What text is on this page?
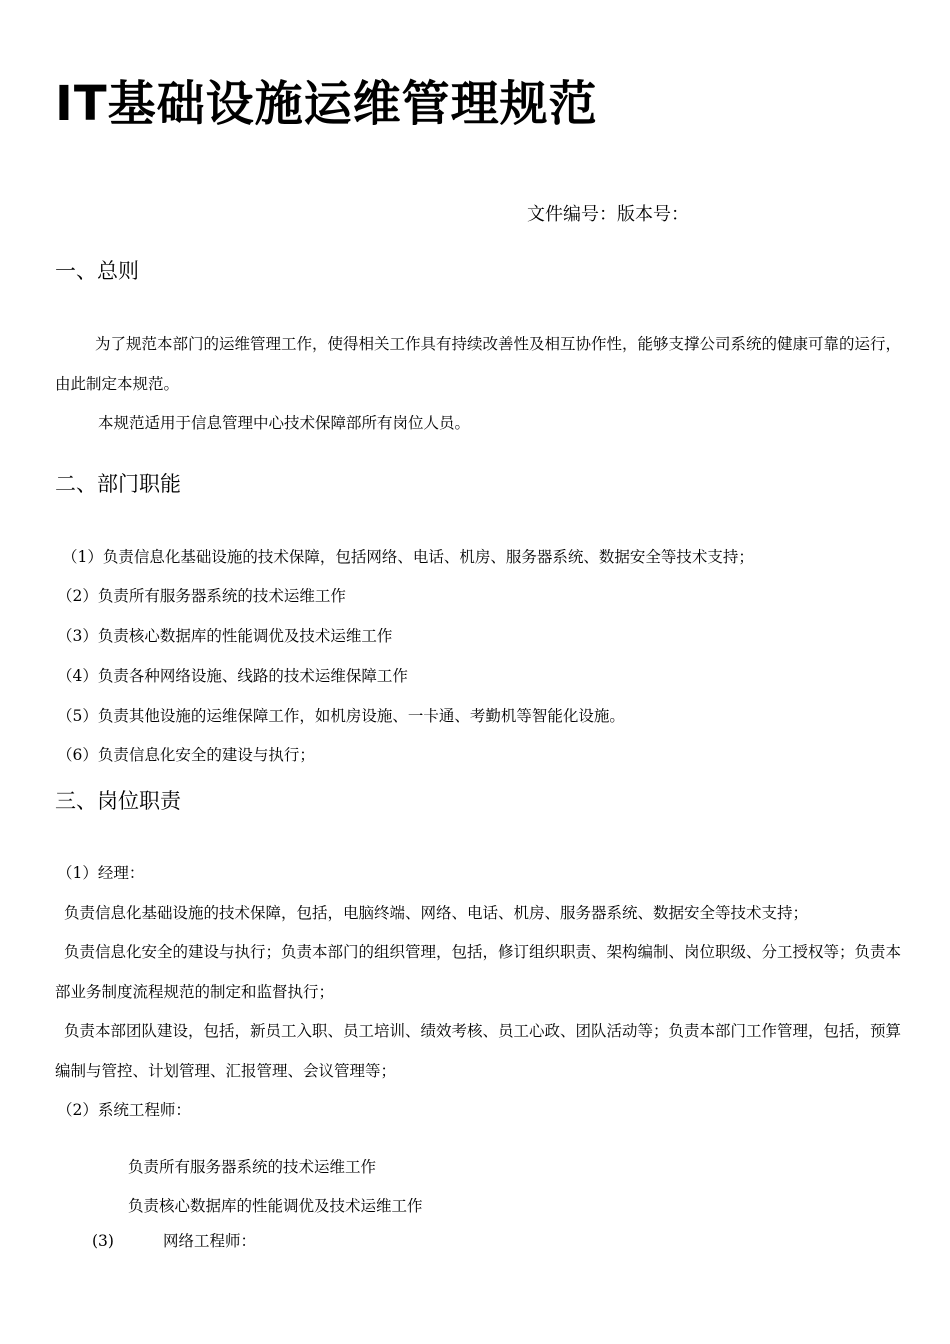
IT基础设施运维管理规范
文件编号：版本号：
一、总则

为了规范本部门的运维管理工作，使得相关工作具有持续改善性及相互协作性，能够支撑公司系统的健康可靠的运行，由此制定本规范。

本规范适用于信息管理中心技术保障部所有岗位人员。
二、部门职能
（1）负责信息化基础设施的技术保障，包括网络、电话、机房、服务器系统、数据安全等技术支持；
（2）负责所有服务器系统的技术运维工作
（3）负责核心数据库的性能调优及技术运维工作
（4）负责各种网络设施、线路的技术运维保障工作
（5）负责其他设施的运维保障工作，如机房设施、一卡通、考勤机等智能化设施。
（6）负责信息化安全的建设与执行；
三、岗位职责
（1）经理：
负责信息化基础设施的技术保障，包括，电脑终端、网络、电话、机房、服务器系统、数据安全等技术支持；

负责信息化安全的建设与执行；负责本部门的组织管理，包括，修订组织职责、架构编制、岗位职级、分工授权等；负责本部业务制度流程规范的制定和监督执行；

负责本部团队建设，包括，新员工入职、员工培训、绩效考核、员工心政、团队活动等；负责本部门工作管理，包括，预算编制与管控、计划管理、汇报管理、会议管理等；

（2）系统工程师：
负责所有服务器系统的技术运维工作
负责核心数据库的性能调优及技术运维工作
(3)	网络工程师：
